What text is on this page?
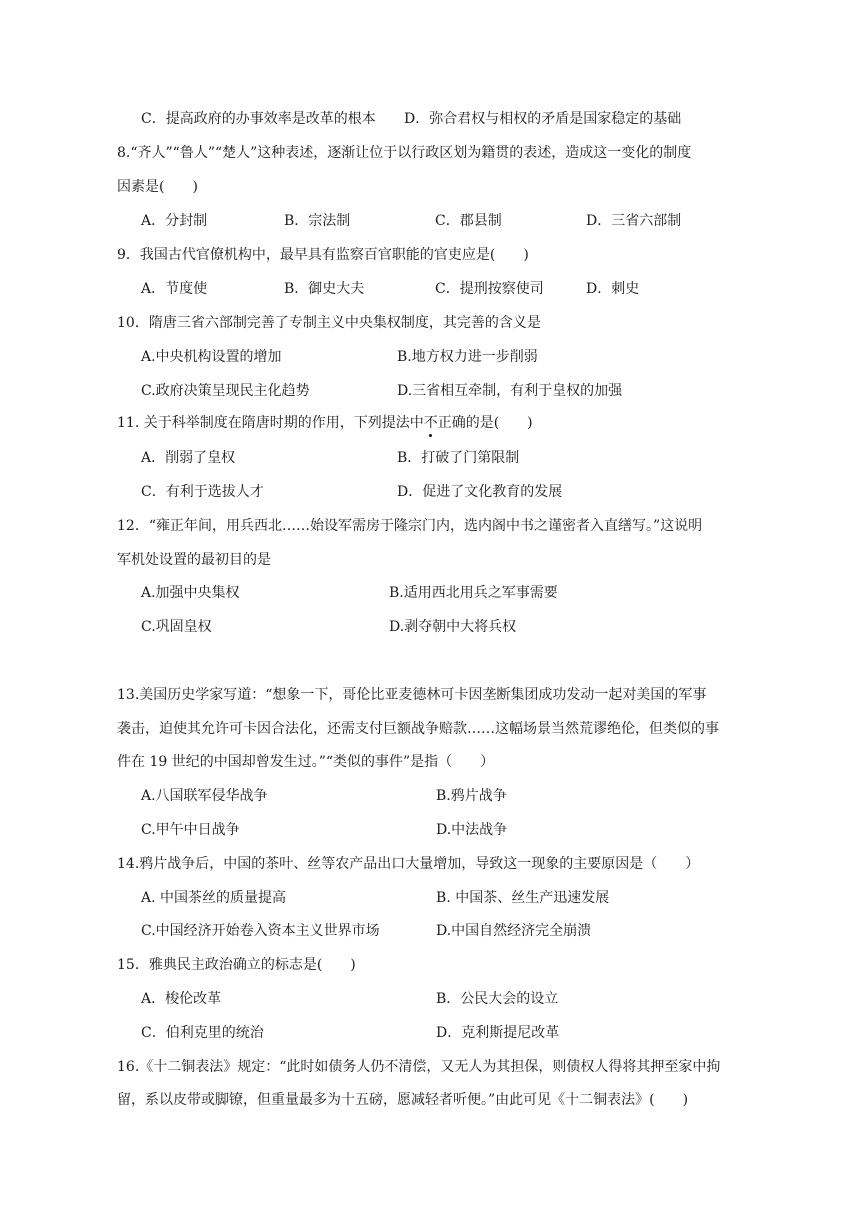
C．提高政府的办事效率是改革的根本 D．弥合君权与相权的矛盾是国家稳定的基础
8.“齐人”“鲁人”“楚人”这种表述，逐渐让位于以行政区划为籍贯的表述，造成这一变化的制度
因素是(　　)
A．分封制	B．宗法制	C．郡县制	D．三省六部制
9．我国古代官僚机构中，最早具有监察百官职能的官吏应是(　　)
A．节度使	B．御史大夫	C．提刑按察使司	D．刺史
10．隋唐三省六部制完善了专制主义中央集权制度，其完善的含义是
A.中央机构设置的增加	B.地方权力进一步削弱
C.政府决策呈现民主化趋势	D.三省相互牵制，有利于皇权的加强
11. 关于科举制度在隋唐时期的作用，下列提法中不正确的是(　　)
A．削弱了皇权	B．打破了门第限制
C．有利于选拔人才	D．促进了文化教育的发展
12．“雍正年间，用兵西北……始设军需房于隆宗门内，选内阁中书之谨密者入直缮写。”这说明
军机处设置的最初目的是
A.加强中央集权	B.适用西北用兵之军事需要
C.巩固皇权	D.剥夺朝中大将兵权
13.美国历史学家写道：“想象一下，哥伦比亚麦德林可卡因垄断集团成功发动一起对美国的军事
袭击，迫使其允许可卡因合法化，还需支付巨额战争赔款……这幅场景当然荒谬绝伦，但类似的事
件在 19 世纪的中国却曾发生过。”“类似的事件”是指（　　）
A.八国联军侵华战争	B.鸦片战争
C.甲午中日战争	D.中法战争
14.鸦片战争后，中国的茶叶、丝等农产品出口大量增加，导致这一现象的主要原因是（　　）
A. 中国茶丝的质量提高	B. 中国茶、丝生产迅速发展
C.中国经济开始卷入资本主义世界市场	D.中国自然经济完全崩溃
15．雅典民主政治确立的标志是(　　)
A．梭伦改革	B．公民大会的设立
C．伯利克里的统治	D．克利斯提尼改革
16.《十二铜表法》规定：“此时如债务人仍不清偿，又无人为其担保，则债权人得将其押至家中拘
留，系以皮带或脚镣，但重量最多为十五磅，愿减轻者听便。”由此可见《十二铜表法》(　　)
